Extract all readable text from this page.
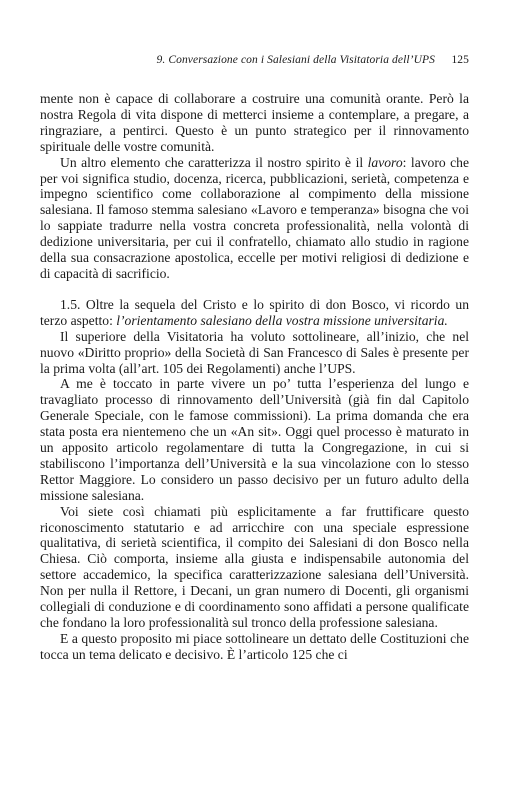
9. Conversazione con i Salesiani della Visitatoria dell’UPS 125

mente non è capace di collaborare a costruire una comunità orante. Però la nostra Regola di vita dispone di metterci insieme a contemplare, a pregare, a ringraziare, a pentirci. Questo è un punto strategico per il rinnovamento spirituale delle vostre comunità.

Un altro elemento che caratterizza il nostro spirito è il lavoro: lavoro che per voi significa studio, docenza, ricerca, pubblicazioni, serietà, competenza e impegno scientifico come collaborazione al compimento della missione salesiana. Il famoso stemma salesiano «Lavoro e temperanza» bisogna che voi lo sappiate tradurre nella vostra concreta professionalità, nella volontà di dedizione universitaria, per cui il confratello, chiamato allo studio in ragione della sua consacrazione apostolica, eccelle per motivi religiosi di dedizione e di capacità di sacrificio.

1.5. Oltre la sequela del Cristo e lo spirito di don Bosco, vi ricordo un terzo aspetto: l’orientamento salesiano della vostra missione universitaria.

Il superiore della Visitatoria ha voluto sottolineare, all’inizio, che nel nuovo «Diritto proprio» della Società di San Francesco di Sales è presente per la prima volta (all’art. 105 dei Regolamenti) anche l’UPS.

A me è toccato in parte vivere un po’ tutta l’esperienza del lungo e travagliato processo di rinnovamento dell’Università (già fin dal Capitolo Generale Speciale, con le famose commissioni). La prima domanda che era stata posta era nientemeno che un «An sit». Oggi quel processo è maturato in un apposito articolo regolamentare di tutta la Congregazione, in cui si stabiliscono l’importanza dell’Università e la sua vincolazione con lo stesso Rettor Maggiore. Lo considero un passo decisivo per un futuro adulto della missione salesiana.

Voi siete così chiamati più esplicitamente a far fruttificare questo riconoscimento statutario e ad arricchire con una speciale espressione qualitativa, di serietà scientifica, il compito dei Salesiani di don Bosco nella Chiesa. Ciò comporta, insieme alla giusta e indispensabile autonomia del settore accademico, la specifica caratterizzazione salesiana dell’Università. Non per nulla il Rettore, i Decani, un gran numero di Docenti, gli organismi collegiali di conduzione e di coordinamento sono affidati a persone qualificate che fondano la loro professionalità sul tronco della professione salesiana.

E a questo proposito mi piace sottolineare un dettato delle Costituzioni che tocca un tema delicato e decisivo. È l’articolo 125 che ci
